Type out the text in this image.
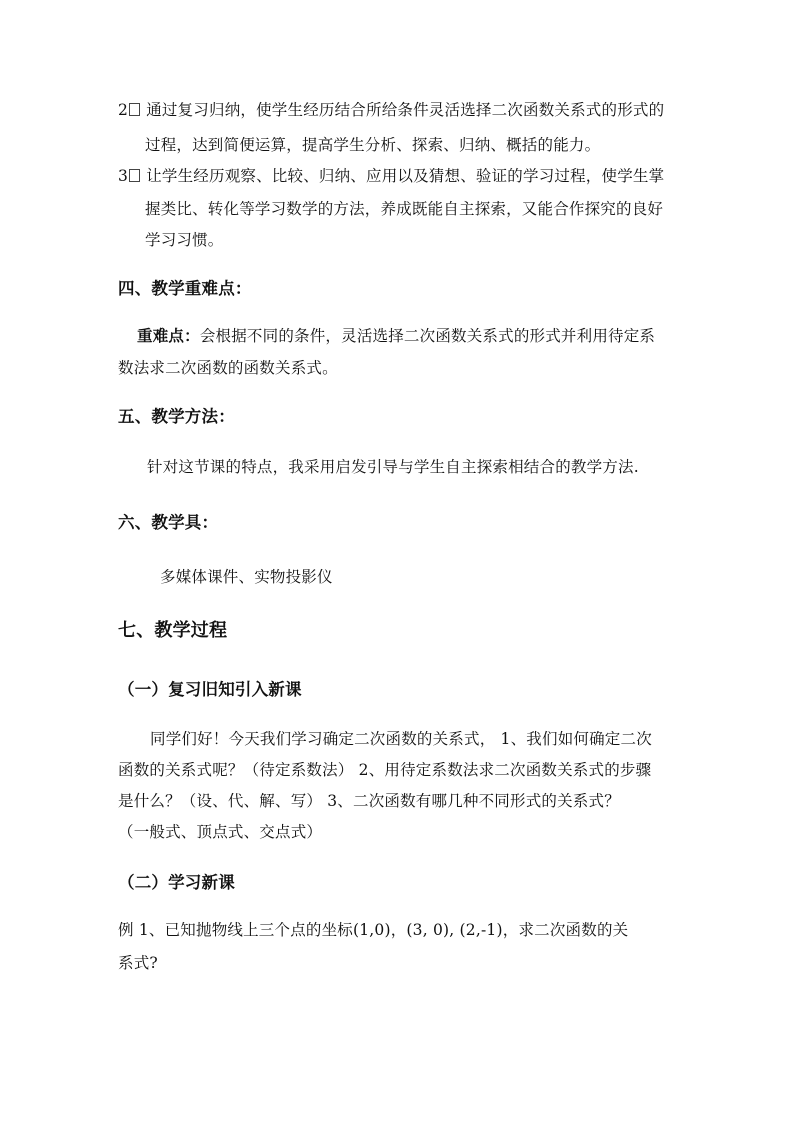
2 通过复习归纳，使学生经历结合所给条件灵活选择二次函数关系式的形式的
过程，达到简便运算，提高学生分析、探索、归纳、概括的能力。
3 让学生经历观察、比较、归纳、应用以及猜想、验证的学习过程，使学生掌
握类比、转化等学习数学的方法，养成既能自主探索，又能合作探究的良好
学习习惯。
四、教学重难点：
重难点：会根据不同的条件，灵活选择二次函数关系式的形式并利用待定系
数法求二次函数的函数关系式。
五、教学方法：
针对这节课的特点，我采用启发引导与学生自主探索相结合的教学方法.
六、教学具：
多媒体课件、实物投影仪
七、教学过程
（一）复习旧知引入新课
同学们好！今天我们学习确定二次函数的关系式， 1、我们如何确定二次
函数的关系式呢？（待定系数法） 2、用待定系数法求二次函数关系式的步骤
是什么？（设、代、解、写） 3、二次函数有哪几种不同形式的关系式？
（一般式、顶点式、交点式）
（二）学习新课
例 1、已知抛物线上三个点的坐标(1,0)，(3, 0), (2,-1)，求二次函数的关
系式?
